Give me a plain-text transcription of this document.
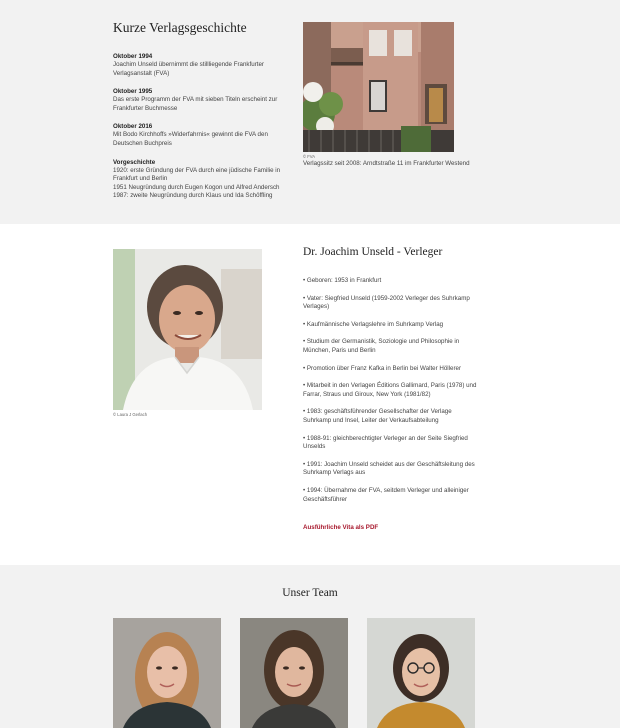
Kurze Verlagsgeschichte
Oktober 1994
Joachim Unseld übernimmt die stillliegende Frankfurter
Verlagsanstalt (FVA)
Oktober 1995
Das erste Programm der FVA mit sieben Titeln erscheint zur
Frankfurter Buchmesse
Oktober 2016
Mit Bodo Kirchhoffs »Widerfahrnis« gewinnt die FVA den
Deutschen Buchpreis
Vorgeschichte
1920: erste Gründung der FVA durch eine jüdische Familie in
Frankfurt und Berlin
1951 Neugründung durch Eugen Kogon und Alfred Andersch
1987: zweite Neugründung durch Klaus und Ida Schöffling
© FVA
Verlagssitz seit 2008: Arndtstraße 11 im Frankfurter Westend
© Laura J Gerlach
Dr. Joachim Unseld - Verleger
• Geboren: 1953 in Frankfurt
• Vater: Siegfried Unseld (1959-2002 Verleger des Suhrkamp Verlages)
• Kaufmännische Verlagslehre im Suhrkamp Verlag
• Studium der Germanistik, Soziologie und Philosophie in München, Paris und Berlin
• Promotion über Franz Kafka in Berlin bei Walter Höllerer
• Mitarbeit in den Verlagen Éditions Gallimard, Paris (1978) und Farrar, Straus und Giroux, New York (1981/82)
• 1983: geschäftsführender Gesellschafter der Verlage Suhrkamp und Insel, Leiter der Verkaufsabteilung
• 1988-91: gleichberechtigter Verleger an der Seite Siegfried Unselds
• 1991: Joachim Unseld scheidet aus der Geschäftsleitung des Suhrkamp Verlags aus
• 1994: Übernahme der FVA, seitdem Verleger und alleiniger Geschäftsführer
Ausführliche Vita als PDF
Unser Team
